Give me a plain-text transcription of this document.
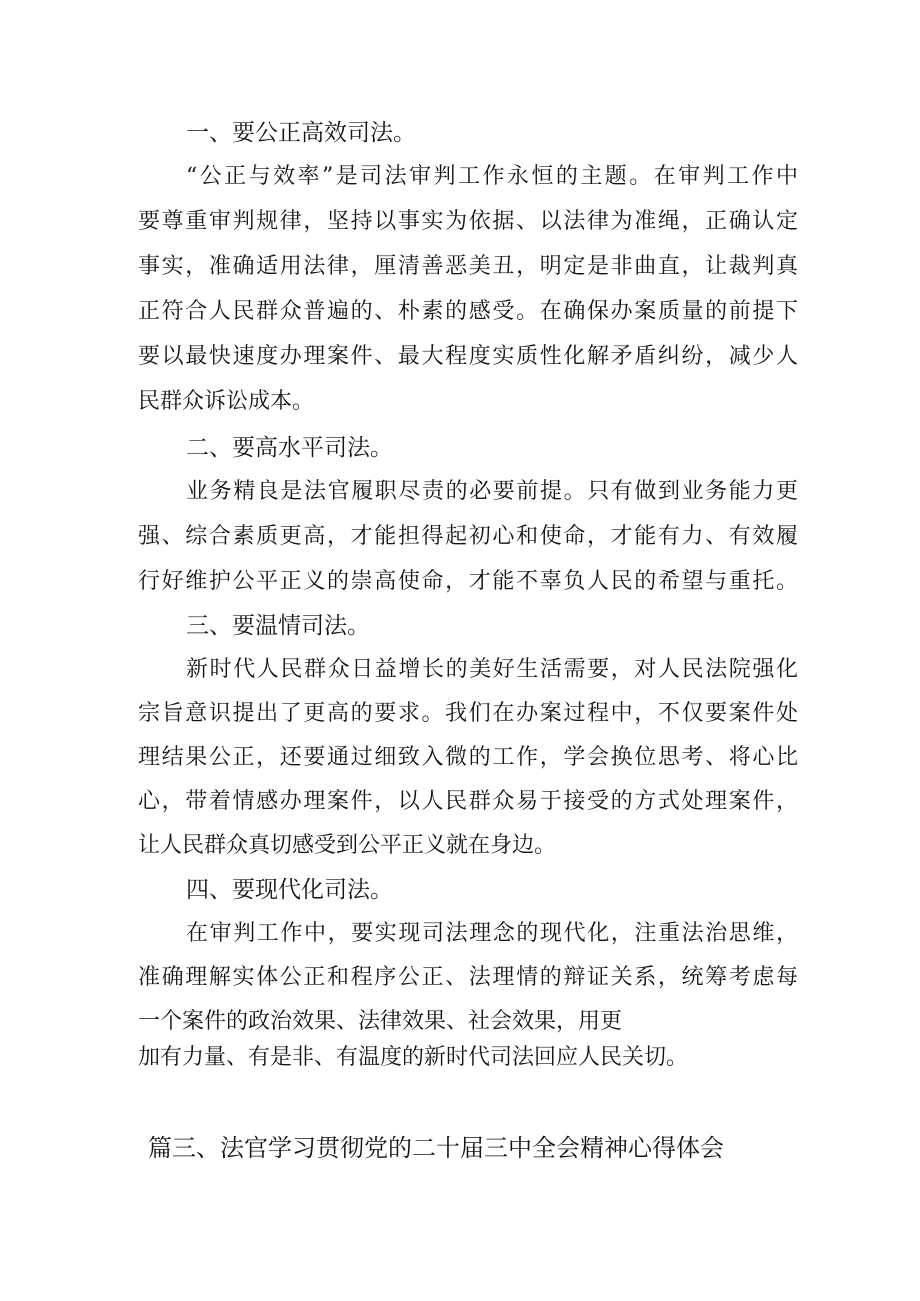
一、要公正高效司法。
“公正与效率”是司法审判工作永恒的主题。在审判工作中
要尊重审判规律，坚持以事实为依据、以法律为准绳，正确认定
事实，准确适用法律，厘清善恶美丑，明定是非曲直，让裁判真
正符合人民群众普遍的、朴素的感受。在确保办案质量的前提下
要以最快速度办理案件、最大程度实质性化解矛盾纠纷，减少人
民群众诉讼成本。
二、要高水平司法。
业务精良是法官履职尽责的必要前提。只有做到业务能力更
强、综合素质更高，才能担得起初心和使命，才能有力、有效履
行好维护公平正义的崇高使命，才能不辜负人民的希望与重托。
三、要温情司法。
新时代人民群众日益增长的美好生活需要，对人民法院强化
宗旨意识提出了更高的要求。我们在办案过程中，不仅要案件处
理结果公正，还要通过细致入微的工作，学会换位思考、将心比
心，带着情感办理案件，以人民群众易于接受的方式处理案件，
让人民群众真切感受到公平正义就在身边。
四、要现代化司法。
在审判工作中，要实现司法理念的现代化，注重法治思维，
准确理解实体公正和程序公正、法理情的辩证关系，统筹考虑每
一个案件的政治效果、法律效果、社会效果，用更
加有力量、有是非、有温度的新时代司法回应人民关切。
篇三、法官学习贯彻党的二十届三中全会精神心得体会
